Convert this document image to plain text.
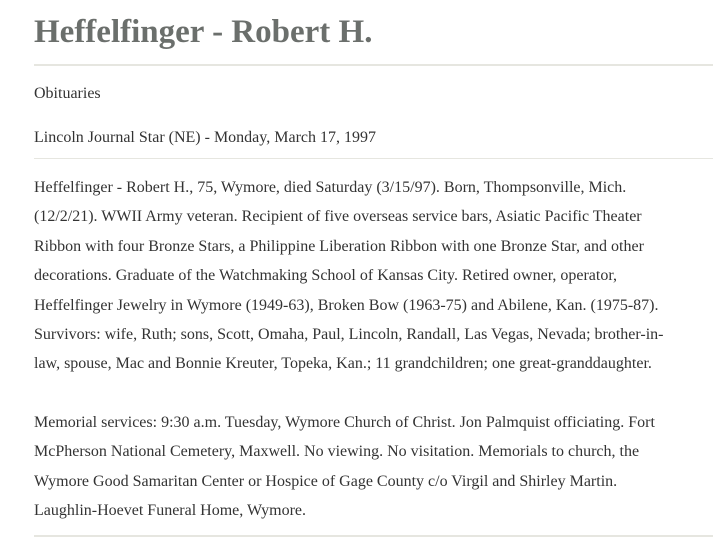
Heffelfinger - Robert H.
Obituaries
Lincoln Journal Star (NE) - Monday, March 17, 1997

Heffelfinger - Robert H., 75, Wymore, died Saturday (3/15/97). Born, Thompsonville, Mich.
(12/2/21). WWII Army veteran. Recipient of five overseas service bars, Asiatic Pacific Theater
Ribbon with four Bronze Stars, a Philippine Liberation Ribbon with one Bronze Star, and other
decorations. Graduate of the Watchmaking School of Kansas City. Retired owner, operator,
Heffelfinger Jewelry in Wymore (1949-63), Broken Bow (1963-75) and Abilene, Kan. (1975-87).
Survivors: wife, Ruth; sons, Scott, Omaha, Paul, Lincoln, Randall, Las Vegas, Nevada; brother-in-
law, spouse, Mac and Bonnie Kreuter, Topeka, Kan.; 11 grandchildren; one great-granddaughter.

Memorial services: 9:30 a.m. Tuesday, Wymore Church of Christ. Jon Palmquist officiating. Fort
McPherson National Cemetery, Maxwell. No viewing. No visitation. Memorials to church, the
Wymore Good Samaritan Center or Hospice of Gage County c/o Virgil and Shirley Martin.
Laughlin-Hoevet Funeral Home, Wymore.
